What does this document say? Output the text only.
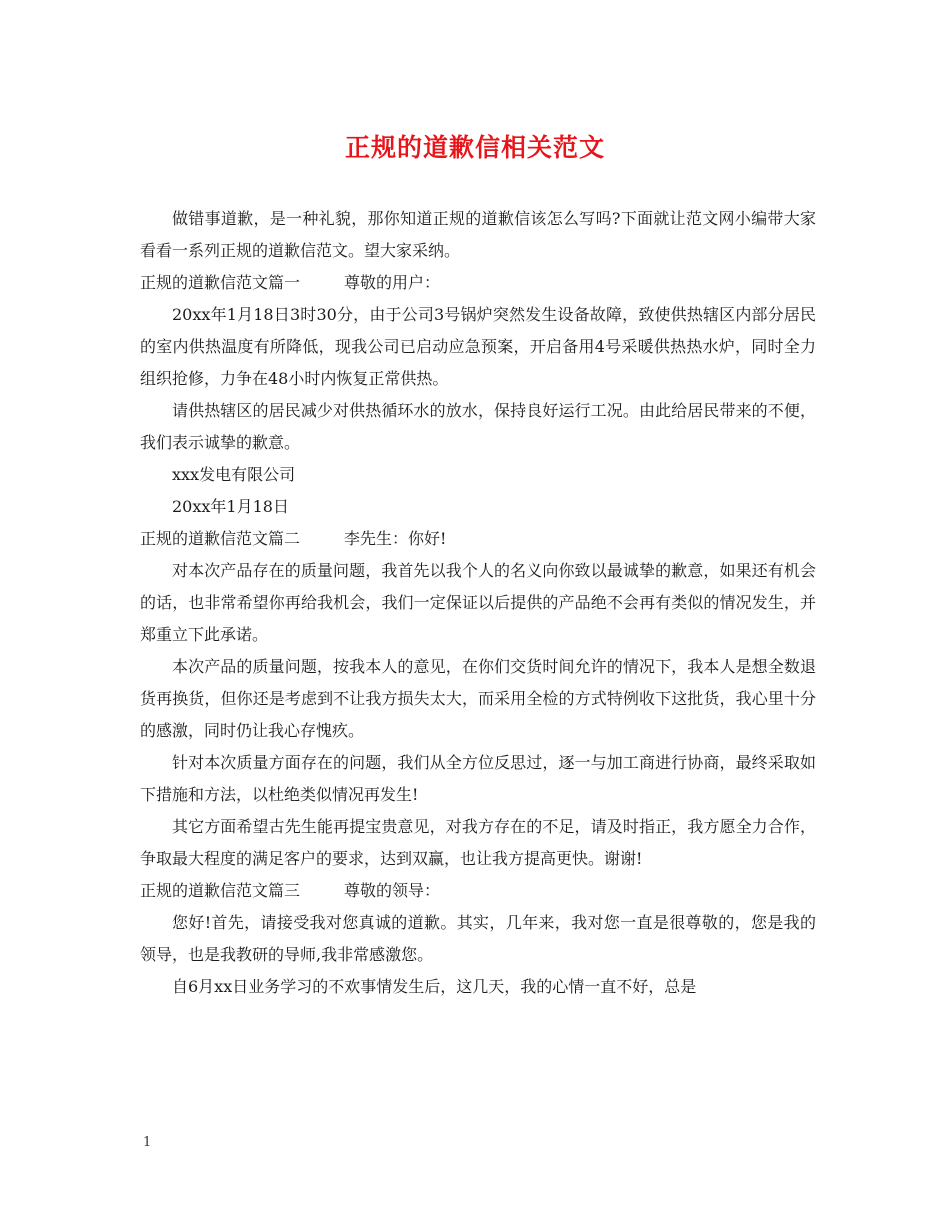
正规的道歉信相关范文

做错事道歉，是一种礼貌，那你知道正规的道歉信该怎么写吗?下面就让范文网小编带大家看看一系列正规的道歉信范文。望大家采纳。

正规的道歉信范文篇一	尊敬的用户：

20xx年1月18日3时30分，由于公司3号锅炉突然发生设备故障，致使供热辖区内部分居民的室内供热温度有所降低，现我公司已启动应急预案，开启备用4号采暖供热热水炉，同时全力组织抢修，力争在48小时内恢复正常供热。

请供热辖区的居民减少对供热循环水的放水，保持良好运行工况。由此给居民带来的不便，我们表示诚挚的歉意。

xxx发电有限公司

20xx年1月18日

正规的道歉信范文篇二	李先生：你好!

对本次产品存在的质量问题，我首先以我个人的名义向你致以最诚挚的歉意，如果还有机会的话，也非常希望你再给我机会，我们一定保证以后提供的产品绝不会再有类似的情况发生，并郑重立下此承诺。

本次产品的质量问题，按我本人的意见，在你们交货时间允许的情况下，我本人是想全数退货再换货，但你还是考虑到不让我方损失太大，而采用全检的方式特例收下这批货，我心里十分的感激，同时仍让我心存愧疚。

针对本次质量方面存在的问题，我们从全方位反思过，逐一与加工商进行协商，最终采取如下措施和方法，以杜绝类似情况再发生!

其它方面希望古先生能再提宝贵意见，对我方存在的不足，请及时指正，我方愿全力合作，争取最大程度的满足客户的要求，达到双赢，也让我方提高更快。谢谢!

正规的道歉信范文篇三	尊敬的领导：

您好!首先，请接受我对您真诚的道歉。其实，几年来，我对您一直是很尊敬的，您是我的领导，也是我教研的导师,我非常感激您。

自6月xx日业务学习的不欢事情发生后，这几天，我的心情一直不好，总是

1
